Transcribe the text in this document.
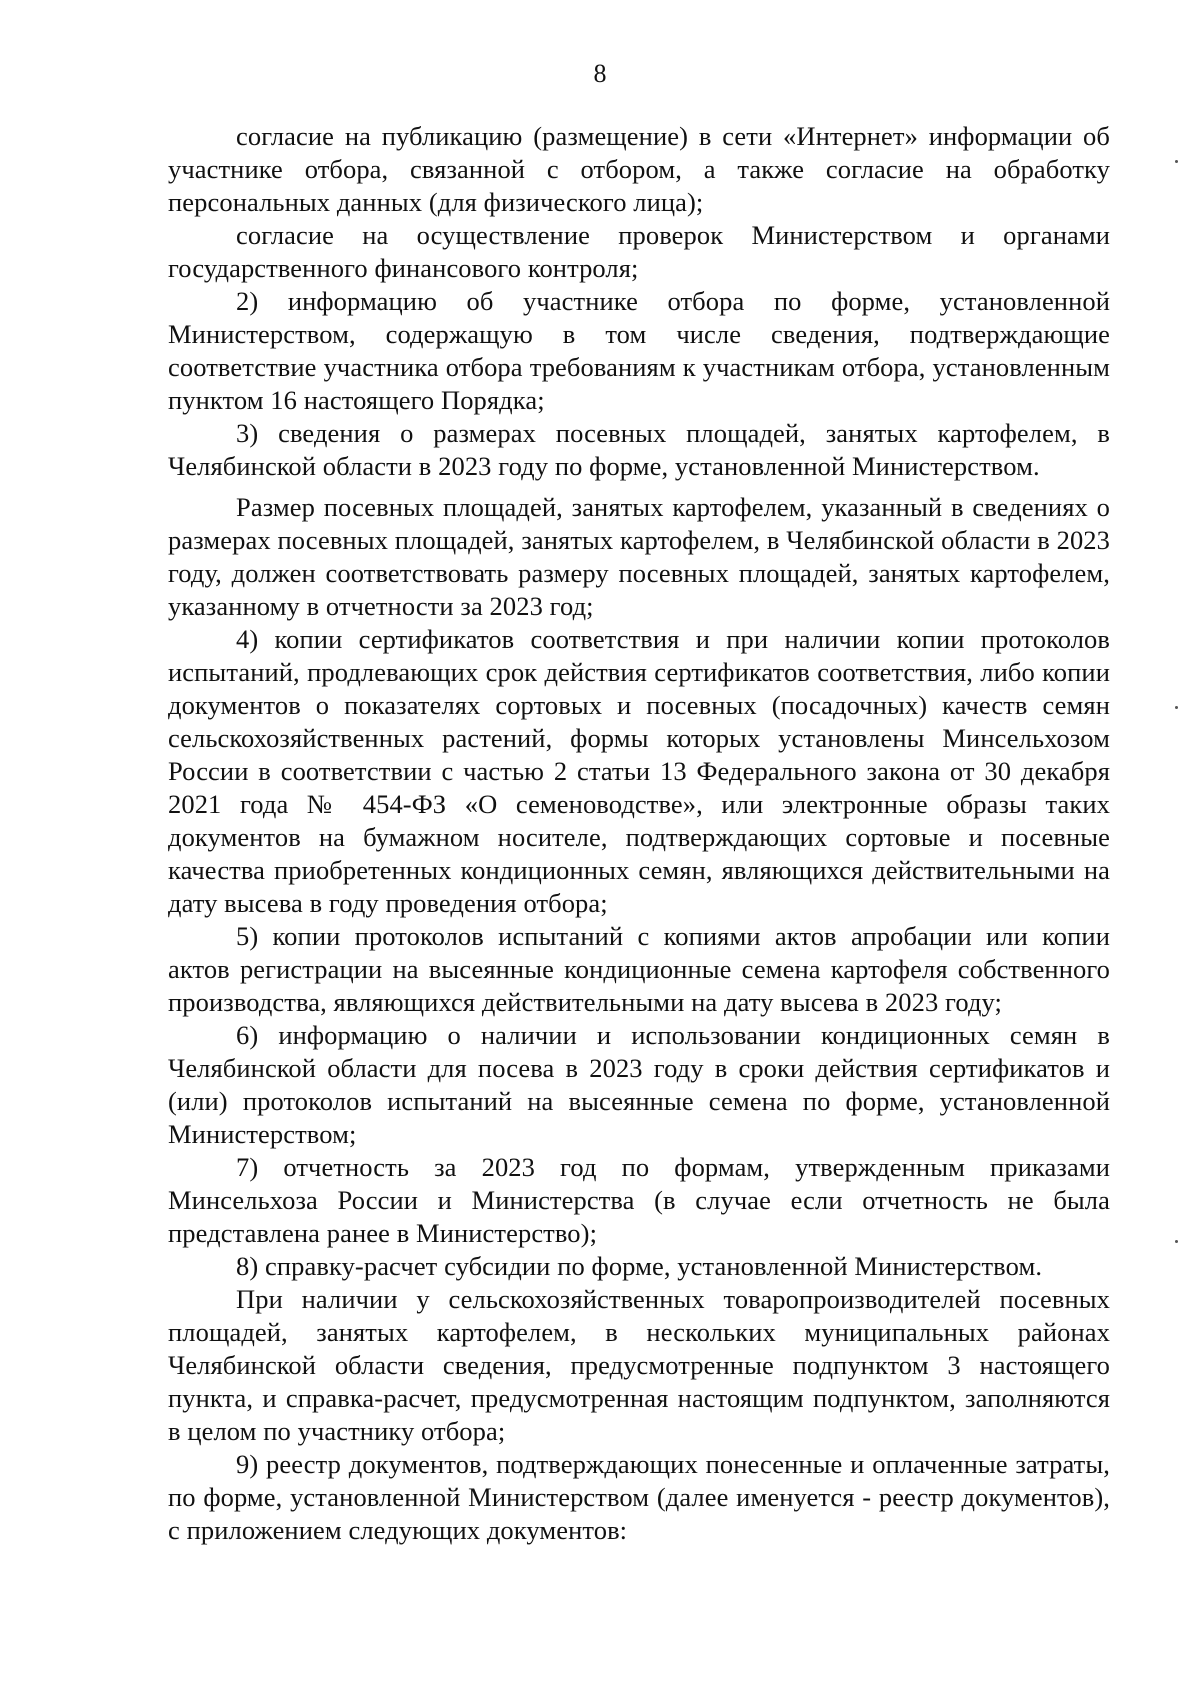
8

согласие на публикацию (размещение) в сети «Интернет» информации об участнике отбора, связанной с отбором, а также согласие на обработку персональных данных (для физического лица);

согласие на осуществление проверок Министерством и органами государственного финансового контроля;

2) информацию об участнике отбора по форме, установленной Министерством, содержащую в том числе сведения, подтверждающие соответствие участника отбора требованиям к участникам отбора, установленным пунктом 16 настоящего Порядка;

3) сведения о размерах посевных площадей, занятых картофелем, в Челябинской области в 2023 году по форме, установленной Министерством.

Размер посевных площадей, занятых картофелем, указанный в сведениях о размерах посевных площадей, занятых картофелем, в Челябинской области в 2023 году, должен соответствовать размеру посевных площадей, занятых картофелем, указанному в отчетности за 2023 год;

4) копии сертификатов соответствия и при наличии копии протоколов испытаний, продлевающих срок действия сертификатов соответствия, либо копии документов о показателях сортовых и посевных (посадочных) качеств семян сельскохозяйственных растений, формы которых установлены Минсельхозом России в соответствии с частью 2 статьи 13 Федерального закона от 30 декабря 2021 года № 454-ФЗ «О семеноводстве», или электронные образы таких документов на бумажном носителе, подтверждающих сортовые и посевные качества приобретенных кондиционных семян, являющихся действительными на дату высева в году проведения отбора;

5) копии протоколов испытаний с копиями актов апробации или копии актов регистрации на высеянные кондиционные семена картофеля собственного производства, являющихся действительными на дату высева в 2023 году;

6) информацию о наличии и использовании кондиционных семян в Челябинской области для посева в 2023 году в сроки действия сертификатов и (или) протоколов испытаний на высеянные семена по форме, установленной Министерством;

7) отчетность за 2023 год по формам, утвержденным приказами Минсельхоза России и Министерства (в случае если отчетность не была представлена ранее в Министерство);

8) справку-расчет субсидии по форме, установленной Министерством.

При наличии у сельскохозяйственных товаропроизводителей посевных площадей, занятых картофелем, в нескольких муниципальных районах Челябинской области сведения, предусмотренные подпунктом 3 настоящего пункта, и справка-расчет, предусмотренная настоящим подпунктом, заполняются в целом по участнику отбора;

9) реестр документов, подтверждающих понесенные и оплаченные затраты, по форме, установленной Министерством (далее именуется - реестр документов), с приложением следующих документов:
